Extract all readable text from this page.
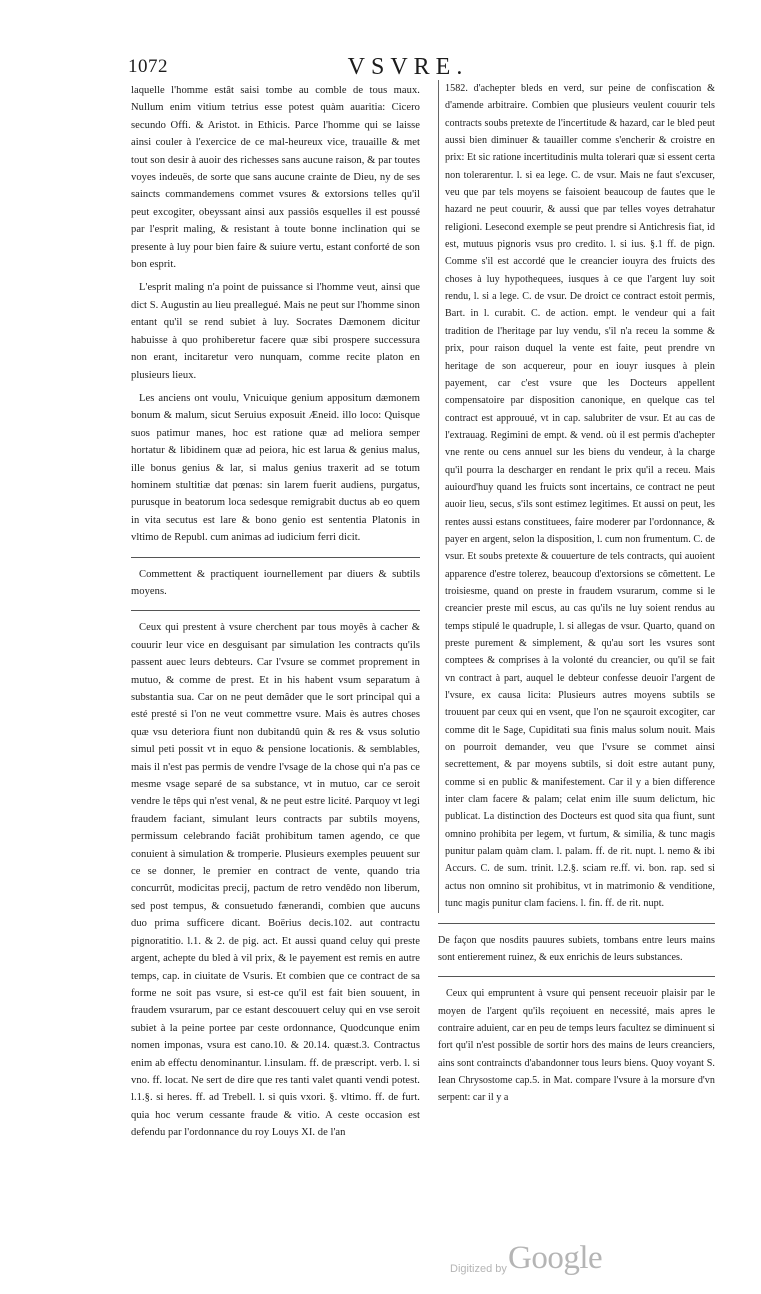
1072	VSVRE.

laquelle l'homme estât saisi tombe au comble de tous maux. Nullum enim vitium tetrius esse potest quàm auaritia: Cicero secundo Offi. & Aristot. in Ethicis. Parce l'homme qui se laisse ainsi couler à l'exercice de ce mal-heureux vice, trauaille & met tout son desir à auoir des richesses sans aucune raison, & par toutes voyes indeuës, de sorte que sans aucune crainte de Dieu, ny de ses saincts commandemens commet vsures & extorsions telles qu'il peut excogiter, obeyssant ainsi aux passiôs esquelles il est poussé par l'esprit maling, & resistant à toute bonne inclination qui se presente à luy pour bien faire & suiure vertu, estant conforté de son bon esprit.

L'esprit maling n'a point de puissance si l'homme veut, ainsi que dict S. Augustin au lieu preallegué. Mais ne peut sur l'homme sinon entant qu'il se rend subiet à luy. Socrates Dæmonem dicitur habuisse à quo prohiberetur facere quæ sibi prospere successura non erant, incitaretur vero nunquam, comme recite platon en plusieurs lieux.

Les anciens ont voulu, Vnicuique genium appositum dæmonem bonum & malum, sicut Seruius exposuit Æneid. illo loco: Quisque suos patimur manes, hoc est ratione quæ ad meliora semper hortatur & libidinem quæ ad peiora, hic est larua & genius malus, ille bonus genius & lar, si malus genius traxerit ad se totum hominem stultitiæ dat pœnas: sin larem fuerit audiens, purgatus, purusque in beatorum loca sedesque remigrabit ductus ab eo quem in vita secutus est lare & bono genio est sententia Platonis in vltimo de Republ. cum animas ad iudicium ferri dicit.

Commettent & practiquent iournellement par diuers & subtils moyens.

Ceux qui prestent à vsure cherchent par tous moyês à cacher & couurir leur vice en desguisant par simulation les contracts qu'ils passent auec leurs debteurs. Car l'vsure se commet proprement in mutuo, & comme de prest. Et in his habent vsum separatum à substantia sua. Car on ne peut demâder que le sort principal qui a esté presté si l'on ne veut commettre vsure. Mais ès autres choses quæ vsu deteriora fiunt non dubitandû quin & res & vsus solutio simul peti possit vt in equo & pensione locationis. & semblables, mais il n'est pas permis de vendre l'vsage de la chose qui n'a pas ce mesme vsage separé de sa substance, vt in mutuo, car ce seroit vendre le têps qui n'est venal, & ne peut estre licité. Parquoy vt legi fraudem faciant, simulant leurs contracts par subtils moyens, permissum celebrando faciât prohibitum tamen agendo, ce que conuient à simulation & tromperie. Plusieurs exemples peuuent sur ce se donner, le premier en contract de vente, quando tria concurrût, modicitas precij, pactum de retro vendêdo non liberum, sed post tempus, & consuetudo fænerandi, combien que aucuns duo prima sufficere dicant. Boërius decis.102. aut contractu pignoratitio. l.1. & 2. de pig. act. Et aussi quand celuy qui preste argent, achepte du bled à vil prix, & le payement est remis en autre temps, cap. in ciuitate de Vsuris. Et combien que ce contract de sa forme ne soit pas vsure, si est-ce qu'il est fait bien souuent, in fraudem vsurarum, par ce estant descouuert celuy qui en vse seroit subiet à la peine portee par ceste ordonnance, Quodcunque enim nomen imponas, vsura est cano.10. & 20.14. quæst.3. Contractus enim ab effectu denominantur. l.insulam. ff. de præscript. verb. l. si vno. ff. locat. Ne sert de dire que res tanti valet quanti vendi potest. l.1.§. si heres. ff. ad Trebell. l. si quis vxori. §. vltimo. ff. de furt. quia hoc verum cessante fraude & vitio. A ceste occasion est defendu par l'ordonnance du roy Louys XI. de l'an

1582. d'achepter bleds en verd, sur peine de confiscation & d'amende arbitraire. Combien que plusieurs veulent couurir tels contracts soubs pretexte de l'incertitude & hazard, car le bled peut aussi bien diminuer & tauailler comme s'encherir & croistre en prix: Et sic ratione incertitudinis multa tolerari quæ si essent certa non tolerarentur. l. si ea lege. C. de vsur. Mais ne faut s'excuser, veu que par tels moyens se faisoient beaucoup de fautes que le hazard ne peut couurir, & aussi que par telles voyes detrahatur religioni. Lesecond exemple se peut prendre si Antichresis fiat, id est, mutuus pignoris vsus pro credito. l. si ius. §.1 ff. de pign. Comme s'il est accordé que le creancier iouyra des fruicts des choses à luy hypothequees, iusques à ce que l'argent luy soit rendu, l. si a lege. C. de vsur. De droict ce contract estoit permis, Bart. in l. curabit. C. de action. empt. le vendeur qui a fait tradition de l'heritage par luy vendu, s'il n'a receu la somme & prix, pour raison duquel la vente est faite, peut prendre vn heritage de son acquereur, pour en iouyr iusques à plein payement, car c'est vsure que les Docteurs appellent compensatoire par disposition canonique, en quelque cas tel contract est approuué, vt in cap. salubriter de vsur. Et au cas de l'extrauag. Regimini de empt. & vend. où il est permis d'achepter vne rente ou cens annuel sur les biens du vendeur, à la charge qu'il pourra la descharger en rendant le prix qu'il a receu. Mais auiourd'huy quand les fruicts sont incertains, ce contract ne peut auoir lieu, secus, s'ils sont estimez legitimes. Et aussi on peut, les rentes aussi estans constituees, faire moderer par l'ordonnance, & payer en argent, selon la disposition, l. cum non frumentum. C. de vsur. Et soubs pretexte & couuerture de tels contracts, qui auoient apparence d'estre tolerez, beaucoup d'extorsions se cõmettent. Le troisiesme, quand on preste in fraudem vsurarum, comme si le creancier preste mil escus, au cas qu'ils ne luy soient rendus au temps stipulé le quadruple, l. si allegas de vsur. Quarto, quand on preste purement & simplement, & qu'au sort les vsures sont comptees & comprises à la volonté du creancier, ou qu'il se fait vn contract à part, auquel le debteur confesse deuoir l'argent de l'vsure, ex causa licita: Plusieurs autres moyens subtils se trouuent par ceux qui en vsent, que l'on ne sçauroit excogiter, car comme dit le Sage, Cupiditati sua finis malus solum nouit. Mais on pourroit demander, veu que l'vsure se commet ainsi secrettement, & par moyens subtils, si doit estre autant puny, comme si en public & manifestement. Car il y a bien difference inter clam facere & palam; celat enim ille suum delictum, hic publicat. La distinction des Docteurs est quod sita qua fiunt, sunt omnino prohibita per legem, vt furtum, & similia, & tunc magis punitur palam quàm clam. l. palam. ff. de rit. nupt. l. nemo & ibi Accurs. C. de sum. trinit. l.2.§. sciam re.ff. vi. bon. rap. sed si actus non omnino sit prohibitus, vt in matrimonio & venditione, tunc magis punitur clam faciens. l. fin. ff. de rit. nupt.

De façon que nosdits pauures subiets, tombans entre leurs mains sont entierement ruinez, & eux enrichis de leurs substances.

Ceux qui empruntent à vsure qui pensent receuoir plaisir par le moyen de l'argent qu'ils reçoiuent en necessité, mais apres le contraire aduient, car en peu de temps leurs facultez se diminuent si fort qu'il n'est possible de sortir hors des mains de leurs creanciers, ains sont contraincts d'abandonner tous leurs biens. Quoy voyant S. Iean Chrysostome cap.5. in Mat. compare l'vsure à la morsure d'vn serpent: car il y a

Digitized by Google
